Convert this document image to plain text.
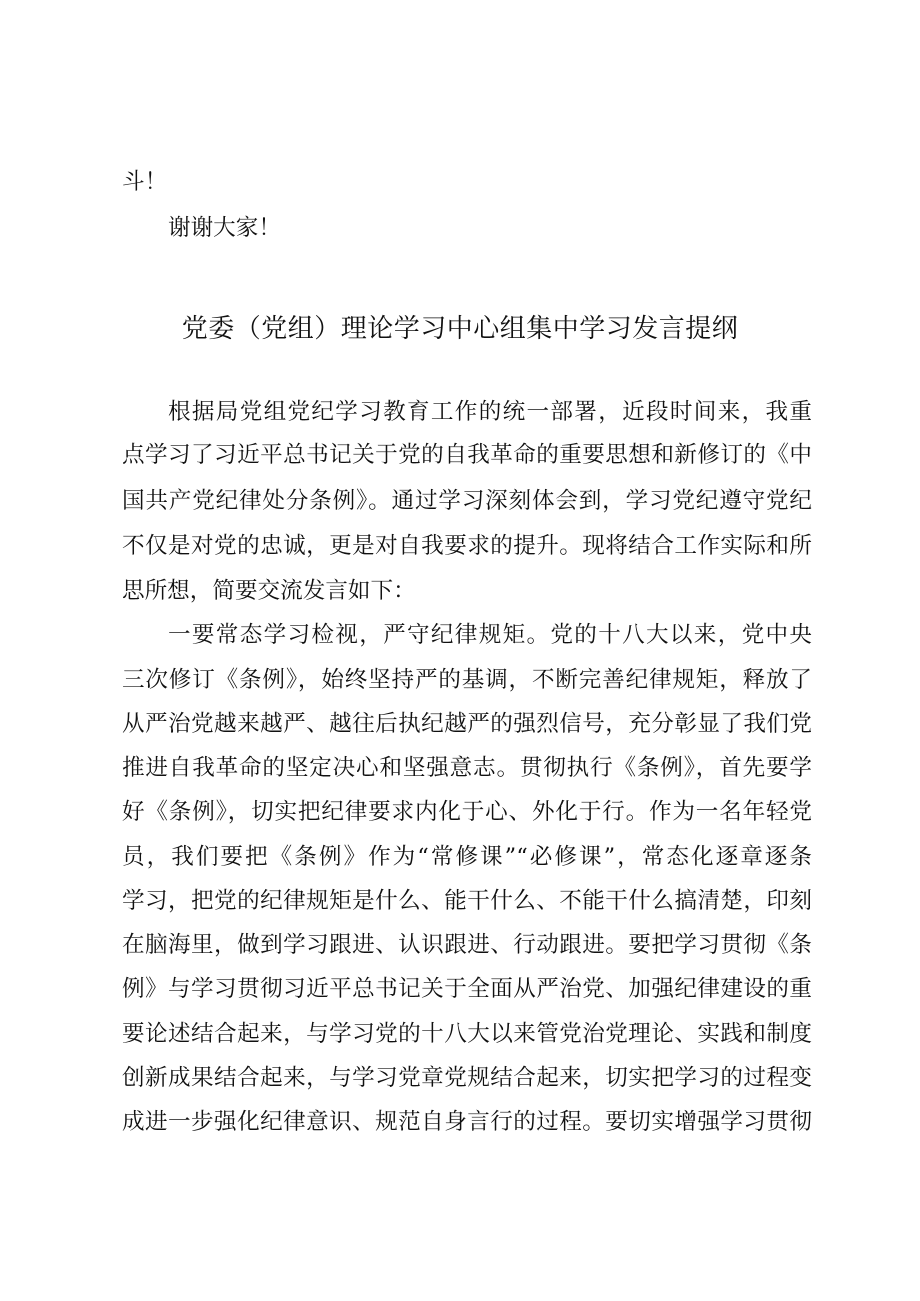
斗！
谢谢大家！
党委（党组）理论学习中心组集中学习发言提纲
根据局党组党纪学习教育工作的统一部署，近段时间来，我重
点学习了习近平总书记关于党的自我革命的重要思想和新修订的《中
国共产党纪律处分条例》。通过学习深刻体会到，学习党纪遵守党纪
不仅是对党的忠诚，更是对自我要求的提升。现将结合工作实际和所
思所想，简要交流发言如下：
一要常态学习检视，严守纪律规矩。党的十八大以来，党中央
三次修订《条例》，始终坚持严的基调，不断完善纪律规矩，释放了
从严治党越来越严、越往后执纪越严的强烈信号，充分彰显了我们党
推进自我革命的坚定决心和坚强意志。贯彻执行《条例》，首先要学
好《条例》，切实把纪律要求内化于心、外化于行。作为一名年轻党
员，我们要把《条例》作为“常修课”“必修课”，常态化逐章逐条
学习，把党的纪律规矩是什么、能干什么、不能干什么搞清楚，印刻
在脑海里，做到学习跟进、认识跟进、行动跟进。要把学习贯彻《条
例》与学习贯彻习近平总书记关于全面从严治党、加强纪律建设的重
要论述结合起来，与学习党的十八大以来管党治党理论、实践和制度
创新成果结合起来，与学习党章党规结合起来，切实把学习的过程变
成进一步强化纪律意识、规范自身言行的过程。要切实增强学习贯彻
